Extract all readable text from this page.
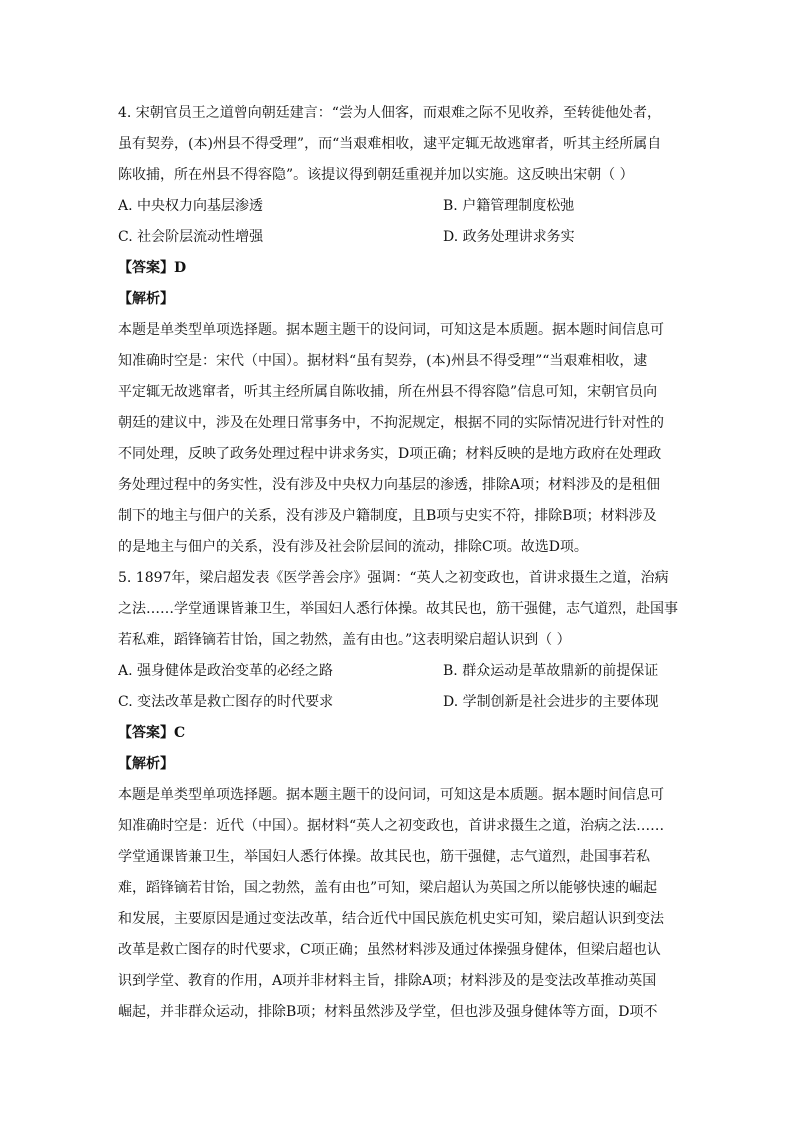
4. 宋朝官员王之道曾向朝廷建言：“尝为人佃客，而艰难之际不见收养，至转徙他处者，
虽有契券，(本)州县不得受理”，而“当艰难相收，逮平定辄无故逃窜者，听其主经所属自
陈收捕，所在州县不得容隐”。该提议得到朝廷重视并加以实施。这反映出宋朝（ ）
A. 中央权力向基层渗透	B. 户籍管理制度松弛
C. 社会阶层流动性增强	D. 政务处理讲求务实
【答案】D
【解析】
本题是单类型单项选择题。据本题主题干的设问词，可知这是本质题。据本题时间信息可
知准确时空是：宋代（中国）。据材料“虽有契券，(本)州县不得受理”“当艰难相收，逮
平定辄无故逃窜者，听其主经所属自陈收捕，所在州县不得容隐”信息可知，宋朝官员向
朝廷的建议中，涉及在处理日常事务中，不拘泥规定，根据不同的实际情况进行针对性的
不同处理，反映了政务处理过程中讲求务实，D项正确；材料反映的是地方政府在处理政
务处理过程中的务实性，没有涉及中央权力向基层的渗透，排除A项；材料涉及的是租佃
制下的地主与佃户的关系，没有涉及户籍制度，且B项与史实不符，排除B项；材料涉及
的是地主与佃户的关系，没有涉及社会阶层间的流动，排除C项。故选D项。
5. 1897年，梁启超发表《医学善会序》强调：“英人之初变政也，首讲求摄生之道，治病
之法……学堂通课皆兼卫生，举国妇人悉行体操。故其民也，筋干强健，志气道烈，赴国事
若私难，蹈锋镝若甘饴，国之勃然，盖有由也。”这表明梁启超认识到（ ）
A. 强身健体是政治变革的必经之路	B. 群众运动是革故鼎新的前提保证
C. 变法改革是救亡图存的时代要求	D. 学制创新是社会进步的主要体现
【答案】C
【解析】
本题是单类型单项选择题。据本题主题干的设问词，可知这是本质题。据本题时间信息可
知准确时空是：近代（中国）。据材料“英人之初变政也，首讲求摄生之道，治病之法……
学堂通课皆兼卫生，举国妇人悉行体操。故其民也，筋干强健，志气道烈，赴国事若私
难，蹈锋镝若甘饴，国之勃然，盖有由也”可知，梁启超认为英国之所以能够快速的崛起
和发展，主要原因是通过变法改革，结合近代中国民族危机史实可知，梁启超认识到变法
改革是救亡图存的时代要求，C项正确；虽然材料涉及通过体操强身健体，但梁启超也认
识到学堂、教育的作用，A项并非材料主旨，排除A项；材料涉及的是变法改革推动英国
崛起，并非群众运动，排除B项；材料虽然涉及学堂，但也涉及强身健体等方面，D项不
